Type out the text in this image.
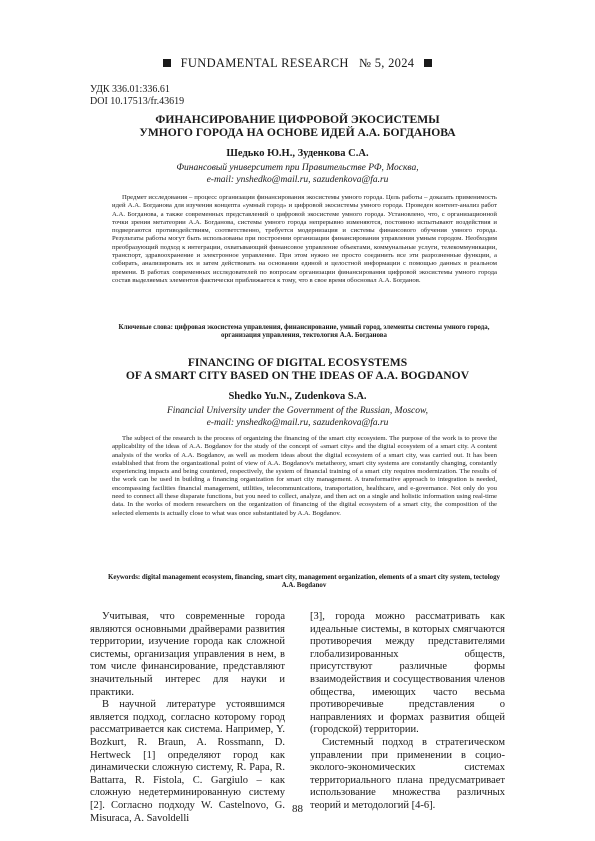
FUNDAMENTAL RESEARCH № 5, 2024
УДК 336.01:336.61
DOI 10.17513/fr.43619
ФИНАНСИРОВАНИЕ ЦИФРОВОЙ ЭКОСИСТЕМЫ
УМНОГО ГОРОДА НА ОСНОВЕ ИДЕЙ А.А. БОГДАНОВА
Шедько Ю.Н., Зуденкова С.А.
Финансовый университет при Правительстве РФ, Москва,
e-mail: ynshedko@mail.ru, sazudenkova@fa.ru
Предмет исследования – процесс организации финансирования экосистемы умного города. Цель работы – доказать применимость идей А.А. Богданова для изучения концепта «умный город» и цифровой экосистемы умного города. Проведен контент-анализ работ А.А. Богданова, а также современных представлений о цифровой экосистеме умного города. Установлено, что, с организационной точки зрения метатеории А.А. Богданова, системы умного города непрерывно изменяются, постоянно испытывают воздействия и подвергаются противодействиям, соответственно, требуется модернизация и системы финансового обучения умного города. Результаты работы могут быть использованы при построении организации финансирования управления умным городом. Необходим преобразующий подход к интеграции, охватывающий финансовое управление объектами, коммунальные услуги, телекоммуникации, транспорт, здравоохранение и электронное управление. При этом нужно не просто соединить все эти разрозненные функции, а собирать, анализировать их и затем действовать на основании единой и целостной информации с помощью данных в реальном времени. В работах современных исследователей по вопросам организации финансирования цифровой экосистемы умного города состав выделяемых элементов фактически приближается к тому, что в свое время обосновал А.А. Богданов.
Ключевые слова: цифровая экосистема управления, финансирование, умный город, элементы системы умного города, организация управления, тектология А.А. Богданова
FINANCING OF DIGITAL ECOSYSTEMS
OF A SMART CITY BASED ON THE IDEAS OF A.A. BOGDANOV
Shedko Yu.N., Zudenkova S.A.
Financial University under the Government of the Russian, Moscow,
e-mail: ynshedko@mail.ru, sazudenkova@fa.ru
The subject of the research is the process of organizing the financing of the smart city ecosystem. The purpose of the work is to prove the applicability of the ideas of A.A. Bogdanov for the study of the concept of «smart city» and the digital ecosystem of a smart city. A content analysis of the works of A.A. Bogdanov, as well as modern ideas about the digital ecosystem of a smart city, was carried out. It has been established that from the organizational point of view of A.A. Bogdanov's metatheory, smart city systems are constantly changing, constantly experiencing impacts and being countered, respectively, the system of financial training of a smart city requires modernization. The results of the work can be used in building a financing organization for smart city management. A transformative approach to integration is needed, encompassing facilities financial management, utilities, telecommunications, transportation, healthcare, and e-governance. Not only do you need to connect all these disparate functions, but you need to collect, analyze, and then act on a single and holistic information using real-time data. In the works of modern researchers on the organization of financing of the digital ecosystem of a smart city, the composition of the selected elements is actually close to what was once substantiated by A.A. Bogdanov.
Keywords: digital management ecosystem, financing, smart city, management organization, elements of a smart city system, tectology A.A. Bogdanov

Учитывая, что современные города являются основными драйверами развития территории, изучение города как сложной системы, организация управления в нем, в том числе финансирование, представляют значительный интерес для науки и практики.

В научной литературе устоявшимся является подход, согласно которому город рассматривается как система. Например, Y. Bozkurt, R. Braun, A. Rossmann, D. Hertweck [1] определяют город как динамически сложную систему, R. Papa, R. Battarra, R. Fistola, C. Gargiulo – как сложную недетерминированную систему [2]. Согласно подходу W. Castelnovo, G. Misuraca, A. Savoldelli

[3], города можно рассматривать как идеальные системы, в которых смягчаются противоречия между представителями глобализированных обществ, присутствуют различные формы взаимодействия и сосуществования членов общества, имеющих часто весьма противоречивые представления о направлениях и формах развития общей (городской) территории.

Системный подход в стратегическом управлении при применении в социо-эколого-экономических системах территориального плана предусматривает использование множества различных теорий и методологий [4-6].

88
